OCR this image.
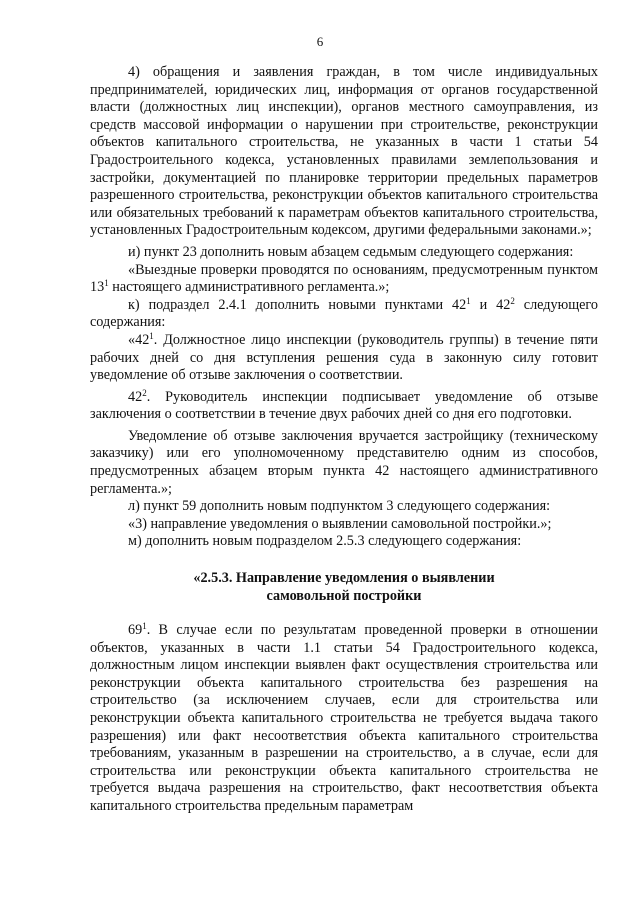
6

4) обращения и заявления граждан, в том числе индивидуальных предпринимателей, юридических лиц, информация от органов государственной власти (должностных лиц инспекции), органов местного самоуправления, из средств массовой информации о нарушении при строительстве, реконструкции объектов капитального строительства, не указанных в части 1 статьи 54 Градостроительного кодекса, установленных правилами землепользования и застройки, документацией по планировке территории предельных параметров разрешенного строительства, реконструкции объектов капитального строительства или обязательных требований к параметрам объектов капитального строительства, установленных Градостроительным кодексом, другими федеральными законами.»;

и) пункт 23 дополнить новым абзацем седьмым следующего содержания:

«Выездные проверки проводятся по основаниям, предусмотренным пунктом $13^1$ настоящего административного регламента.»;

к) подраздел 2.4.1 дополнить новыми пунктами $42^1$ и $42^2$ следующего содержания:

«$42^1$. Должностное лицо инспекции (руководитель группы) в течение пяти рабочих дней со дня вступления решения суда в законную силу готовит уведомление об отзыве заключения о соответствии.

$42^2$. Руководитель инспекции подписывает уведомление об отзыве заключения о соответствии в течение двух рабочих дней со дня его подготовки.

Уведомление об отзыве заключения вручается застройщику (техническому заказчику) или его уполномоченному представителю одним из способов, предусмотренных абзацем вторым пункта 42 настоящего административного регламента.»;

л) пункт 59 дополнить новым подпунктом 3 следующего содержания:

«3) направление уведомления о выявлении самовольной постройки.»;

м) дополнить новым подразделом 2.5.3 следующего содержания:

«2.5.3. Направление уведомления о выявлении
самовольной постройки

$69^1$. В случае если по результатам проведенной проверки в отношении объектов, указанных в части 1.1 статьи 54 Градостроительного кодекса, должностным лицом инспекции выявлен факт осуществления строительства или реконструкции объекта капитального строительства без разрешения на строительство (за исключением случаев, если для строительства или реконструкции объекта капитального строительства не требуется выдача такого разрешения) или факт несоответствия объекта капитального строительства требованиям, указанным в разрешении на строительство, а в случае, если для строительства или реконструкции объекта капитального строительства не требуется выдача разрешения на строительство, факт несоответствия объекта капитального строительства предельным параметрам
